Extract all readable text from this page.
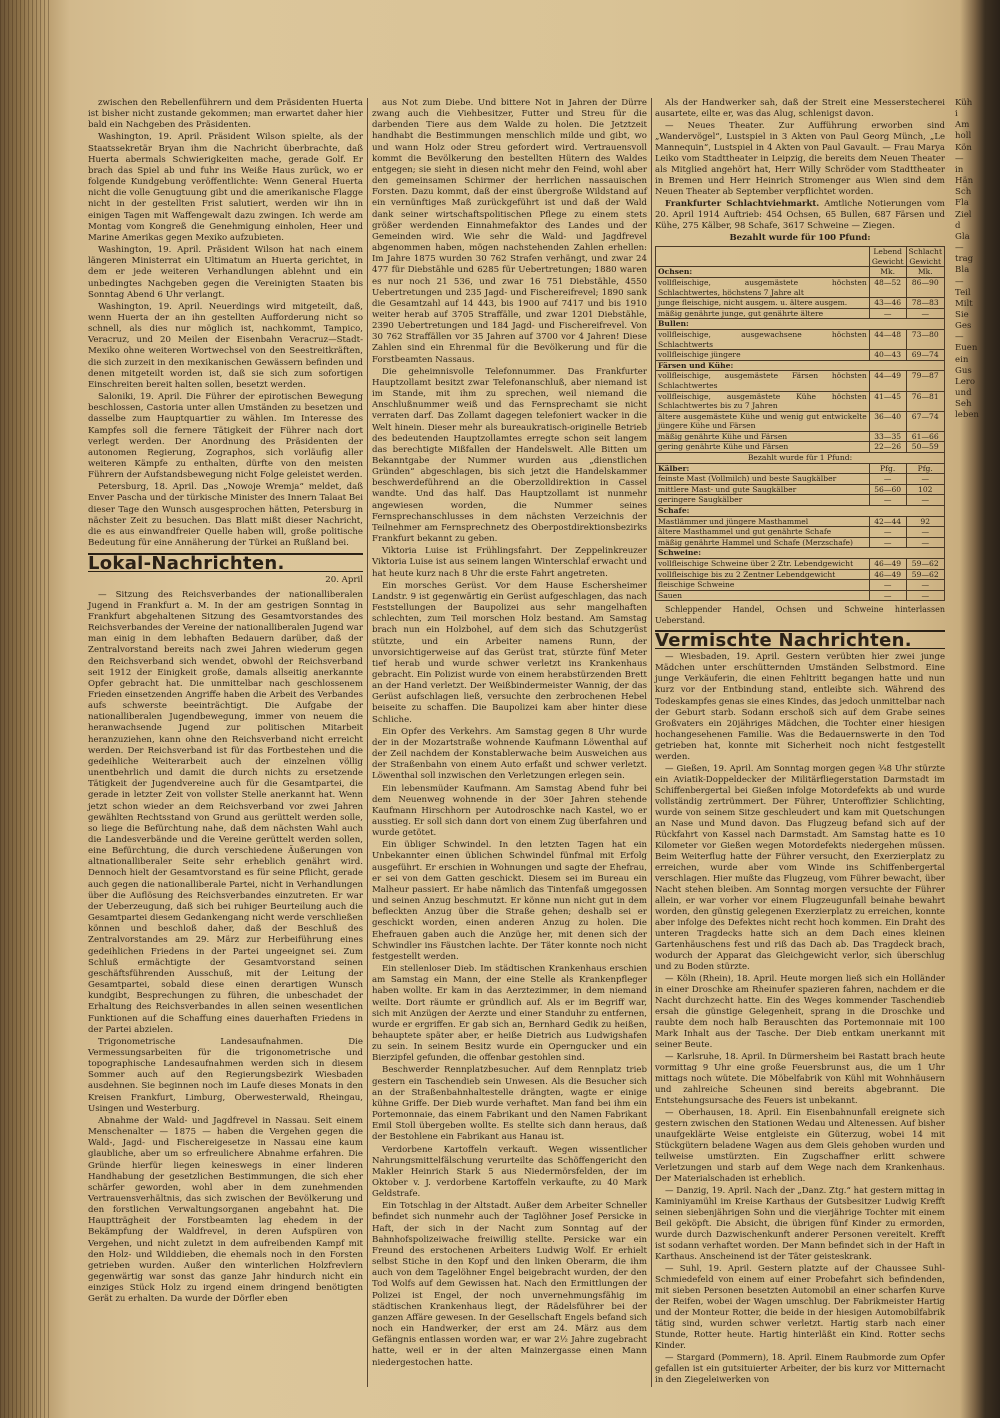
zwischen den Rebellenführern und dem Präsidenten Huerta ist bisher nicht zustande gekommen; man erwartet daher hier bald ein Nachgeben des Präsidenten.

Washington, 19. April. Präsident Wilson spielte, als der Staatssekretär Bryan ihm die Nachricht überbrachte, daß Huerta abermals Schwierigkeiten mache, gerade Golf. Er brach das Spiel ab und fuhr ins Weiße Haus zurück, wo er folgende Kundgebung veröffentlichte: Wenn General Huerta nicht die volle Genugtuung gibt und die amerikanische Flagge nicht in der gestellten Frist salutiert, werden wir ihn in einigen Tagen mit Waffengewalt dazu zwingen. Ich werde am Montag vom Kongreß die Genehmigung einholen, Heer und Marine Amerikas gegen Mexiko aufzubieten.

Washington, 19. April. Präsident Wilson hat nach einem längeren Ministerrat ein Ultimatum an Huerta gerichtet, in dem er jede weiteren Verhandlungen ablehnt und ein unbedingtes Nachgeben gegen die Vereinigten Staaten bis Sonntag Abend 6 Uhr verlangt.

Washington, 19. April. Neuerdings wird mitgeteilt, daß, wenn Huerta der an ihn gestellten Aufforderung nicht so schnell, als dies nur möglich ist, nachkommt, Tampico, Veracruz, und 20 Meilen der Eisenbahn Veracruz—Stadt-Mexiko ohne weiteren Wortwechsel von den Seestreitkräften, die sich zurzeit in den mexikanischen Gewässern befinden und denen mitgeteilt worden ist, daß sie sich zum sofortigen Einschreiten bereit halten sollen, besetzt werden.

Saloniki, 19. April. Die Führer der epirotischen Bewegung beschlossen, Castoria unter allen Umständen zu besetzen und dasselbe zum Hauptquartier zu wählen. Im Interesse des Kampfes soll die fernere Tätigkeit der Führer nach dort verlegt werden. Der Anordnung des Präsidenten der autonomen Regierung, Zographos, sich vorläufig aller weiteren Kämpfe zu enthalten, dürfte von den meisten Führern der Aufstandsbewegung nicht Folge geleistet werden.

Petersburg, 18. April. Das „Nowoje Wremja“ meldet, daß Enver Pascha und der türkische Minister des Innern Talaat Bei dieser Tage den Wunsch ausgesprochen hätten, Petersburg in nächster Zeit zu besuchen. Das Blatt mißt dieser Nachricht, die es aus einwandfreier Quelle haben will, große politische Bedeutung für eine Annäherung der Türkei an Rußland bei.

Lokal-Nachrichten.
20. April

— Sitzung des Reichsverbandes der nationalliberalen Jugend in Frankfurt a. M. In der am gestrigen Sonntag in Frankfurt abgehaltenen Sitzung des Gesamtvorstandes des Reichsverbandes der Vereine der nationalliberalen Jugend war man einig in dem lebhaften Bedauern darüber, daß der Zentralvorstand bereits nach zwei Jahren wiederum gegen den Reichsverband sich wendet, obwohl der Reichsverband seit 1912 der Einigkeit große, damals allseitig anerkannte Opfer gebracht hat. Die unmittelbar nach geschlossenem Frieden einsetzenden Angriffe haben die Arbeit des Verbandes aufs schwerste beeinträchtigt. Die Aufgabe der nationalliberalen Jugendbewegung, immer von neuem die heranwachsende Jugend zur politischen Mitarbeit heranzuziehen, kann ohne den Reichsverband nicht erreicht werden. Der Reichsverband ist für das Fortbestehen und die gedeihliche Weiterarbeit auch der einzelnen völlig unentbehrlich und damit die durch nichts zu ersetzende Tätigkeit der Jugendvereine auch für die Gesamtpartei, die gerade in letzter Zeit von vollster Stelle anerkannt hat. Wenn jetzt schon wieder an dem Reichsverband vor zwei Jahren gewählten Rechtsstand von Grund aus gerüttelt werden solle, so liege die Befürchtung nahe, daß dem nächsten Wahl auch die Landesverbände und die Vereine gerüttelt werden sollen, eine Befürchtung, die durch verschiedene Äußerungen von altnationalliberaler Seite sehr erheblich genährt wird. Dennoch hielt der Gesamtvorstand es für seine Pflicht, gerade auch gegen die nationalliberale Partei, nicht in Verhandlungen über die Auflösung des Reichsverbandes einzutreten. Er war der Ueberzeugung, daß sich bei ruhiger Beurteilung auch die Gesamtpartei diesem Gedankengang nicht werde verschließen können und beschloß daher, daß der Beschluß des Zentralvorstandes am 29. März zur Herbeiführung eines gedeihlichen Friedens in der Partei ungeeignet sei. Zum Schluß ermächtigte der Gesamtvorstand seinen geschäftsführenden Ausschuß, mit der Leitung der Gesamtpartei, sobald diese einen derartigen Wunsch kundgibt, Besprechungen zu führen, die unbeschadet der Erhaltung des Reichsverbandes in allen seinen wesentlichen Funktionen auf die Schaffung eines dauerhaften Friedens in der Partei abzielen.

Trigonometrische Landesaufnahmen. Die Vermessungsarbeiten für die trigonometrische und topographische Landesaufnahmen werden sich in diesem Sommer auch auf den Regierungsbezirk Wiesbaden ausdehnen. Sie beginnen noch im Laufe dieses Monats in den Kreisen Frankfurt, Limburg, Oberwesterwald, Rheingau, Usingen und Westerburg.

Abnahme der Wald- und Jagdfrevel in Nassau. Seit einem Menschenalter — 1875 — haben die Vergehen gegen die Wald-, Jagd- und Fischereigesetze in Nassau eine kaum glaubliche, aber um so erfreulichere Abnahme erfahren. Die Gründe hierfür liegen keineswegs in einer linderen Handhabung der gesetzlichen Bestimmungen, die sich eher schärfer geworden, wohl aber in dem zunehmenden Vertrauensverhältnis, das sich zwischen der Bevölkerung und den forstlichen Verwaltungsorganen angebahnt hat. Die Hauptträgheit der Forstbeamten lag ehedem in der Bekämpfung der Waldfrevel, in deren Aufspüren von Vergehen, und nicht zuletzt in dem aufreibenden Kampf mit den Holz- und Wilddieben, die ehemals noch in den Forsten getrieben wurden. Außer den winterlichen Holzfrevlern gegenwärtig war sonst das ganze Jahr hindurch nicht ein einziges Stück Holz zu irgend einem dringend benötigten Gerät zu erhalten. Da wurde der Dörfler eben

aus Not zum Diebe. Und bittere Not in Jahren der Dürre zwang auch die Viehbesitzer, Futter und Streu für die darbenden Tiere aus dem Walde zu holen. Die Jetztzeit handhabt die Bestimmungen menschlich milde und gibt, wo und wann Holz oder Streu gefordert wird. Vertrauensvoll kommt die Bevölkerung den bestellten Hütern des Waldes entgegen; sie sieht in diesen nicht mehr den Feind, wohl aber den gemeinsamen Schirmer der herrlichen nassauischen Forsten. Dazu kommt, daß der einst übergroße Wildstand auf ein vernünftiges Maß zurückgeführt ist und daß der Wald dank seiner wirtschaftspolitischen Pflege zu einem stets größer werdenden Einnahmefaktor des Landes und der Gemeinden wird. Wie sehr die Wald- und Jagdfrevel abgenommen haben, mögen nachstehenden Zahlen erhellen: Im Jahre 1875 wurden 30 762 Strafen verhängt, und zwar 24 477 für Diebstähle und 6285 für Uebertretungen; 1880 waren es nur noch 21 536, und zwar 16 751 Diebstähle, 4550 Uebertretungen und 235 Jagd- und Fischereifrevel; 1890 sank die Gesamtzahl auf 14 443, bis 1900 auf 7417 und bis 1910 weiter herab auf 3705 Straffälle, und zwar 1201 Diebstähle, 2390 Uebertretungen und 184 Jagd- und Fischereifrevel. Von 30 762 Straffällen vor 35 Jahren auf 3700 vor 4 Jahren! Diese Zahlen sind ein Ehrenmal für die Bevölkerung und für die Forstbeamten Nassaus.

Die geheimnisvolle Telefonnummer. Das Frankfurter Hauptzollamt besitzt zwar Telefonanschluß, aber niemand ist im Stande, mit ihm zu sprechen, weil niemand die Anschlußnummer weiß und das Fernsprechamt sie nicht verraten darf. Das Zollamt dagegen telefoniert wacker in die Welt hinein. Dieser mehr als bureaukratisch-originelle Betrieb des bedeutenden Hauptzollamtes erregte schon seit langem das berechtigte Mißfallen der Handelswelt. Alle Bitten um Bekanntgabe der Nummer wurden aus „dienstlichen Gründen“ abgeschlagen, bis sich jetzt die Handelskammer beschwerdeführend an die Oberzolldirektion in Cassel wandte. Und das half. Das Hauptzollamt ist nunmehr angewiesen worden, die Nummer seines Fernsprechanschlusses in dem nächsten Verzeichnis der Teilnehmer am Fernsprechnetz des Oberpostdirektionsbezirks Frankfurt bekannt zu geben.

Viktoria Luise ist Frühlingsfahrt. Der Zeppelinkreuzer Viktoria Luise ist aus seinem langen Winterschlaf erwacht und hat heute kurz nach 8 Uhr die erste Fahrt angetreten.

Ein morsches Gerüst. Vor dem Hause Eschersheimer Landstr. 9 ist gegenwärtig ein Gerüst aufgeschlagen, das nach Feststellungen der Baupolizei aus sehr mangelhaften schlechten, zum Teil morschen Holz bestand. Am Samstag brach nun ein Holzbohel, auf dem sich das Schutzgerüst stützte, und ein Arbeiter namens Runn, der unvorsichtigerweise auf das Gerüst trat, stürzte fünf Meter tief herab und wurde schwer verletzt ins Krankenhaus gebracht. Ein Polizist wurde von einem herabstürzenden Brett an der Hand verletzt. Der Weißbindermeister Wannig, der das Gerüst aufschlagen ließ, versuchte den zerbrochenen Hebel beiseite zu schaffen. Die Baupolizei kam aber hinter diese Schliche.

Ein Opfer des Verkehrs. Am Samstag gegen 8 Uhr wurde der in der Mozartstraße wohnende Kaufmann Löwenthal auf der Zeil nachdem der Konstablerwache beim Ausweichen aus der Straßenbahn von einem Auto erfaßt und schwer verletzt. Löwenthal soll inzwischen den Verletzungen erlegen sein.

Ein lebensmüder Kaufmann. Am Samstag Abend fuhr bei dem Neuenweg wohnende in der 30er Jahren stehende Kaufmann Hirschhorn per Autodroschke nach Kastel, wo er ausstieg. Er soll sich dann dort von einem Zug überfahren und wurde getötet.

Ein übliger Schwindel. In den letzten Tagen hat ein Unbekannter einen üblichen Schwindel fünfmal mit Erfolg ausgeführt. Er erschien in Wohnungen und sagte der Ehefrau, er sei von dem Gatten geschickt. Diesem sei im Bureau ein Malheur passiert. Er habe nämlich das Tintenfaß umgegossen und seinen Anzug beschmutzt. Er könne nun nicht gut in dem befleckten Anzug über die Straße gehen; deshalb sei er geschickt worden, einen anderen Anzug zu holen. Die Ehefrauen gaben auch die Anzüge her, mit denen sich der Schwindler ins Fäustchen lachte. Der Täter konnte noch nicht festgestellt werden.

Ein stellenloser Dieb. Im städtischen Krankenhaus erschien am Samstag ein Mann, der eine Stelle als Krankenpfleger haben wollte. Er kam in das Aerztezimmer, in dem niemand weilte. Dort räumte er gründlich auf. Als er im Begriff war, sich mit Anzügen der Aerzte und einer Standuhr zu entfernen, wurde er ergriffen. Er gab sich an, Bernhard Gedik zu heißen, behauptete später aber, er heiße Dietrich aus Ludwigshafen zu sein. In seinem Besitz wurde ein Operngucker und ein Bierzipfel gefunden, die offenbar gestohlen sind.

Beschwerder Rennplatzbesucher. Auf dem Rennplatz trieb gestern ein Taschendieb sein Unwesen. Als die Besucher sich an der Straßenbahnhaltestelle drängten, wagte er einige kühne Griffe. Der Dieb wurde verhaftet. Man fand bei ihm ein Portemonnaie, das einem Fabrikant und den Namen Fabrikant Emil Stoll übergeben wollte. Es stellte sich dann heraus, daß der Bestohlene ein Fabrikant aus Hanau ist.

Verdorbene Kartoffeln verkauft. Wegen wissentlicher Nahrungsmittelfälschung verurteilte das Schöffengericht den Makler Heinrich Stark 5 aus Niedermörsfelden, der im Oktober v. J. verdorbene Kartoffeln verkaufte, zu 40 Mark Geldstrafe.

Ein Totschlag in der Altstadt. Außer dem Arbeiter Schneller befindet sich nunmehr auch der Taglöhner Josef Persicke in Haft, der sich in der Nacht zum Sonntag auf der Bahnhofspolizeiwache freiwillig stellte. Persicke war ein Freund des erstochenen Arbeiters Ludwig Wolf. Er erhielt selbst Stiche in den Kopf und den linken Oberarm, die ihm auch von dem Tagelöhner Engel beigebracht wurden, der den Tod Wolfs auf dem Gewissen hat. Nach den Ermittlungen der Polizei ist Engel, der noch unvernehmungsfähig im städtischen Krankenhaus liegt, der Rädelsführer bei der ganzen Affäre gewesen. In der Gesellschaft Engels befand sich noch ein Handwerker, der erst am 24. März aus dem Gefängnis entlassen worden war, er war 2½ Jahre zugebracht hatte, weil er in der alten Mainzergasse einen Mann niedergestochen hatte.

Als der Handwerker sah, daß der Streit eine Messerstecherei ausartete, eilte er, was das Alug, schlenigst davon.

— Neues Theater. Zur Aufführung erworben sind „Wandervögel“, Lustspiel in 3 Akten von Paul Georg Münch, „Le Mannequin“, Lustspiel in 4 Akten von Paul Gavault. — Frau Marya Leiko vom Stadttheater in Leipzig, die bereits dem Neuen Theater als Mitglied angehört hat, Herr Willy Schröder vom Stadttheater in Bremen und Herr Heinrich Stromenger aus Wien sind dem Neuen Theater ab September verpflichtet worden.

Frankfurter Schlachtviehmarkt. Amtliche Notierungen vom 20. April 1914 Auftrieb: 454 Ochsen, 65 Bullen, 687 Färsen und Kühe, 275 Kälber, 98 Schafe, 3617 Schweine — Ziegen.

Bezahlt wurde für 100 Pfund:

	Lebend Gewicht	Schlacht Gewicht
Ochsen:	Mk.	Mk.
vollfleischige, ausgemästete höchsten Schlachtwertes, höchstens 7 Jahre alt	48—52	86—90
junge fleischige, nicht ausgem. u. ältere ausgem.	43—46	78—83
mäßig genährte junge, gut genährte ältere	—	—
Bullen:		
vollfleischige, ausgewachsene höchsten Schlachtwerts	44—48	73—80
vollfleischige jüngere	40—43	69—74
Färsen und Kühe:		
vollfleischige, ausgemästete Färsen höchsten Schlachtwertes	44—49	79—87
vollfleischige, ausgemästete Kühe höchsten Schlachtwertes bis zu 7 Jahren	41—45	76—81
ältere ausgemästete Kühe und wenig gut entwickelte jüngere Kühe und Färsen	36—40	67—74
mäßig genährte Kühe und Färsen	33—35	61—66
gering genährte Kühe und Färsen	22—26	50—59
Bezahlt wurde für 1 Pfund:		
Kälber:	Pfg.	Pfg.
feinste Mast (Vollmilch) und beste Saugkälber	—	—
mittlere Mast- und gute Saugkälber	56—60	102
geringere Saugkälber	—	—
Schafe:		
Mastlämmer und jüngere Masthammel	42—44	92
ältere Masthammel und gut genährte Schafe	—	—
mäßig genährte Hammel und Schafe (Merzschafe)	—	—
Schweine:		
vollfleischige Schweine über 2 Ztr. Lebendgewicht	46—49	59—62
vollfleischige bis zu 2 Zentner Lebendgewicht	46—49	59—62
fleischige Schweine	—	—
Sauen	—	—

Schleppender Handel, Ochsen und Schweine hinterlassen Ueberstand.

Vermischte Nachrichten.

— Wiesbaden, 19. April. Gestern verübten hier zwei junge Mädchen unter erschütternden Umständen Selbstmord. Eine junge Verkäuferin, die einen Fehltritt begangen hatte und nun kurz vor der Entbindung stand, entleibte sich. Während des Todeskampfes genas sie eines Kindes, das jedoch unmittelbar nach der Geburt starb. Sodann erschoß sich auf dem Grabe seines Großvaters ein 20jähriges Mädchen, die Tochter einer hiesigen hochangesehenen Familie. Was die Bedauernswerte in den Tod getrieben hat, konnte mit Sicherheit noch nicht festgestellt werden.

— Gießen, 19. April. Am Sonntag morgen gegen ¾8 Uhr stürzte ein Aviatik-Doppeldecker der Militärfliegerstation Darmstadt im Schiffenbergertal bei Gießen infolge Motordefekts ab und wurde vollständig zertrümmert. Der Führer, Unteroffizier Schlichting, wurde von seinem Sitze geschleudert und kam mit Quetschungen an Nase und Mund davon. Das Flugzeug befand sich auf der Rückfahrt von Kassel nach Darmstadt. Am Samstag hatte es 10 Kilometer vor Gießen wegen Motordefekts niedergehen müssen. Beim Weiterflug hatte der Führer versucht, den Exerzierplatz zu erreichen, wurde aber vom Winde ins Schiffenbergertal verschlagen. Hier mußte das Flugzeug, vom Führer bewacht, über Nacht stehen bleiben. Am Sonntag morgen versuchte der Führer allein, er war vorher vor einem Flugzeugunfall beinahe bewahrt worden, den günstig gelegenen Exerzierplatz zu erreichen, konnte aber infolge des Defektes nicht recht hoch kommen. Ein Draht des unteren Tragdecks hatte sich an dem Dach eines kleinen Gartenhäuschens fest und riß das Dach ab. Das Tragdeck brach, wodurch der Apparat das Gleichgewicht verlor, sich überschlug und zu Boden stürzte.

— Köln (Rhein), 18. April. Heute morgen ließ sich ein Holländer in einer Droschke am Rheinufer spazieren fahren, nachdem er die Nacht durchzecht hatte. Ein des Weges kommender Taschendieb ersah die günstige Gelegenheit, sprang in die Droschke und raubte dem noch halb Berauschten das Portemonnaie mit 100 Mark Inhalt aus der Tasche. Der Dieb entkam unerkannt mit seiner Beute.

— Karlsruhe, 18. April. In Dürmersheim bei Rastatt brach heute vormittag 9 Uhr eine große Feuersbrunst aus, die um 1 Uhr mittags noch wütete. Die Möbelfabrik von Kühl mit Wohnhäusern und zahlreiche Scheunen sind bereits abgebrannt. Die Entstehungsursache des Feuers ist unbekannt.

— Oberhausen, 18. April. Ein Eisenbahnunfall ereignete sich gestern zwischen den Stationen Wedau und Altenessen. Auf bisher unaufgeklärte Weise entgleiste ein Güterzug, wobei 14 mit Stückgütern beladene Wagen aus dem Gleis gehoben wurden und teilweise umstürzten. Ein Zugschaffner erlitt schwere Verletzungen und starb auf dem Wege nach dem Krankenhaus. Der Materialschaden ist erheblich.

— Danzig, 19. April. Nach der „Danz. Ztg.“ hat gestern mittag in Kaminiyamühl im Kreise Karthaus der Gutsbesitzer Ludwig Krefft seinen siebenjährigen Sohn und die vierjährige Tochter mit einem Beil geköpft. Die Absicht, die übrigen fünf Kinder zu ermorden, wurde durch Dazwischenkunft anderer Personen vereitelt. Krefft ist sodann verhaftet worden. Der Mann befindet sich in der Haft in Karthaus. Anscheinend ist der Täter geisteskrank.

— Suhl, 19. April. Gestern platzte auf der Chaussee Suhl-Schmiedefeld von einem auf einer Probefahrt sich befindenden, mit sieben Personen besetzten Automobil an einer scharfen Kurve der Reifen, wobei der Wagen umschlug. Der Fabrikmeister Hartig und der Monteur Rotter, die beide in der hiesigen Automobilfabrik tätig sind, wurden schwer verletzt. Hartig starb nach einer Stunde, Rotter heute. Hartig hinterläßt ein Kind. Rotter sechs Kinder.

— Stargard (Pommern), 18. April. Einem Raubmorde zum Opfer gefallen ist ein gutsituierter Arbeiter, der bis kurz vor Mitternacht in den Ziegeleiwerken von

Küh
i
Am
holl
Kön
—
in
Hän
Sch
Fla
Ziel
d
Gla
—
trag
Bla
—
Teil
Milt
Sie
Ges
—
Euen
ein
Gus
Lero
und
Seh
leben
